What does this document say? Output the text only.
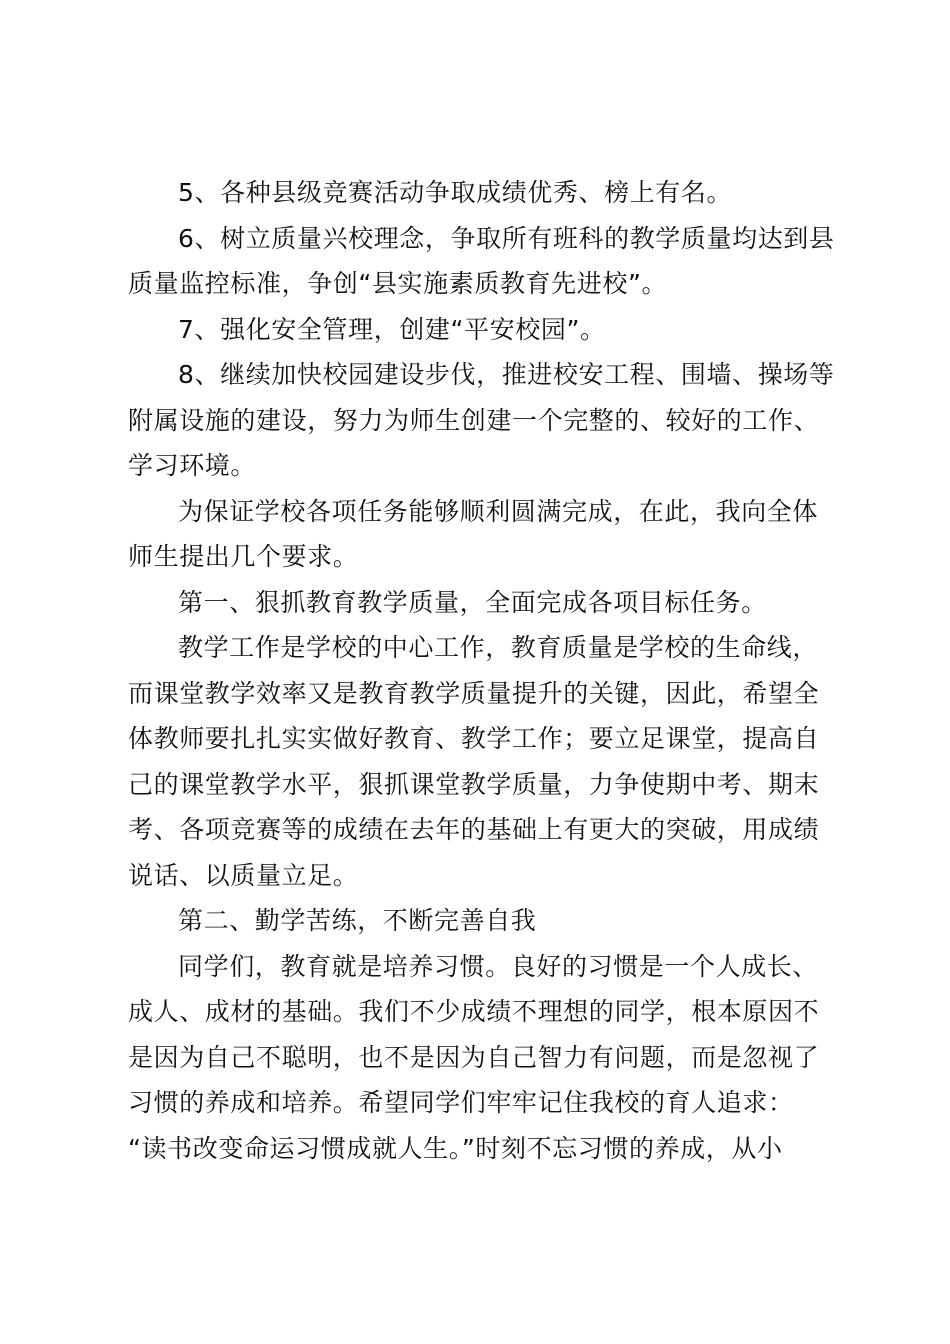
5、各种县级竞赛活动争取成绩优秀、榜上有名。
6、树立质量兴校理念，争取所有班科的教学质量均达到县
质量监控标准，争创“县实施素质教育先进校”。
7、强化安全管理，创建“平安校园”。
8、继续加快校园建设步伐，推进校安工程、围墙、操场等
附属设施的建设，努力为师生创建一个完整的、较好的工作、
学习环境。
为保证学校各项任务能够顺利圆满完成，在此，我向全体
师生提出几个要求。
第一、狠抓教育教学质量，全面完成各项目标任务。
教学工作是学校的中心工作，教育质量是学校的生命线，
而课堂教学效率又是教育教学质量提升的关键，因此，希望全
体教师要扎扎实实做好教育、教学工作；要立足课堂，提高自
己的课堂教学水平，狠抓课堂教学质量，力争使期中考、期末
考、各项竞赛等的成绩在去年的基础上有更大的突破，用成绩
说话、以质量立足。
第二、勤学苦练，不断完善自我
同学们，教育就是培养习惯。良好的习惯是一个人成长、
成人、成材的基础。我们不少成绩不理想的同学，根本原因不
是因为自己不聪明，也不是因为自己智力有问题，而是忽视了
习惯的养成和培养。希望同学们牢牢记住我校的育人追求：
“读书改变命运习惯成就人生。”时刻不忘习惯的养成，从小
